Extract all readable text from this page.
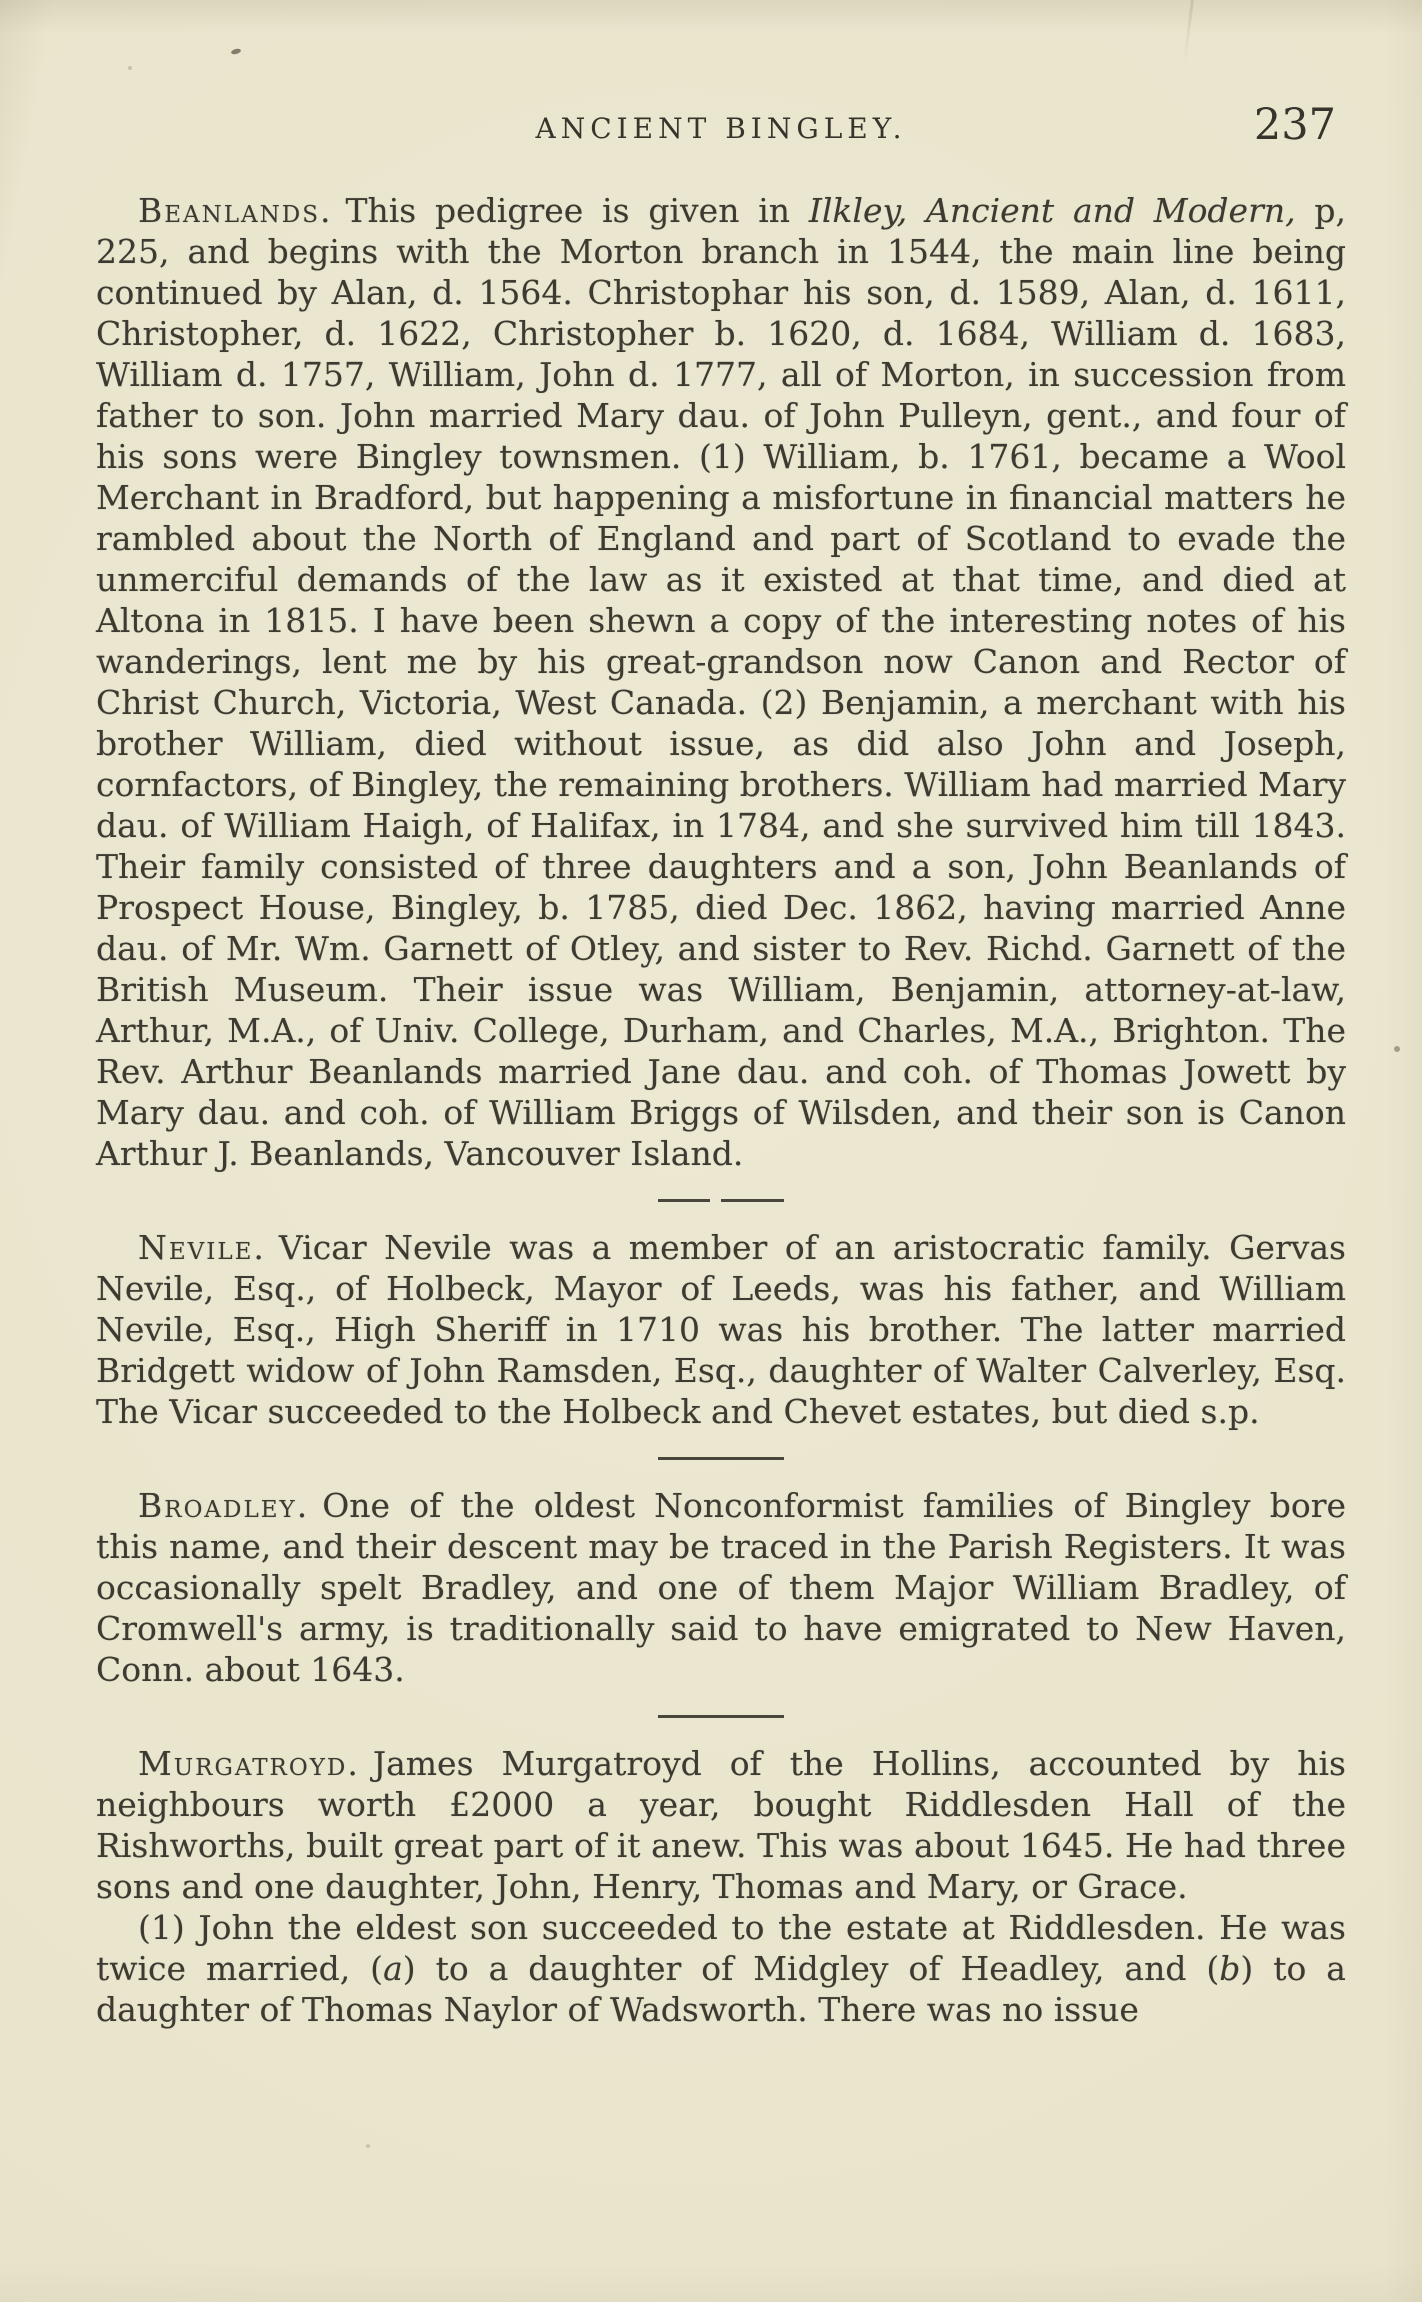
ANCIENT BINGLEY.	237

Beanlands. This pedigree is given in Ilkley, Ancient and Modern, p, 225, and begins with the Morton branch in 1544, the main line being continued by Alan, d. 1564. Christophar his son, d. 1589, Alan, d. 1611, Christopher, d. 1622, Christopher b. 1620, d. 1684, William d. 1683, William d. 1757, William, John d. 1777, all of Morton, in succession from father to son. John married Mary dau. of John Pulleyn, gent., and four of his sons were Bingley townsmen. (1) William, b. 1761, became a Wool Merchant in Bradford, but happening a misfortune in financial matters he rambled about the North of England and part of Scotland to evade the unmerciful demands of the law as it existed at that time, and died at Altona in 1815. I have been shewn a copy of the interesting notes of his wanderings, lent me by his great-grandson now Canon and Rector of Christ Church, Victoria, West Canada. (2) Benjamin, a merchant with his brother William, died without issue, as did also John and Joseph, cornfactors, of Bingley, the remaining brothers. William had married Mary dau. of William Haigh, of Halifax, in 1784, and she survived him till 1843. Their family consisted of three daughters and a son, John Beanlands of Prospect House, Bingley, b. 1785, died Dec. 1862, having married Anne dau. of Mr. Wm. Garnett of Otley, and sister to Rev. Richd. Garnett of the British Museum. Their issue was William, Benjamin, attorney-at-law, Arthur, M.A., of Univ. College, Durham, and Charles, M.A., Brighton. The Rev. Arthur Beanlands married Jane dau. and coh. of Thomas Jowett by Mary dau. and coh. of William Briggs of Wilsden, and their son is Canon Arthur J. Beanlands, Vancouver Island.

Nevile. Vicar Nevile was a member of an aristocratic family. Gervas Nevile, Esq., of Holbeck, Mayor of Leeds, was his father, and William Nevile, Esq., High Sheriff in 1710 was his brother. The latter married Bridgett widow of John Ramsden, Esq., daughter of Walter Calverley, Esq. The Vicar succeeded to the Holbeck and Chevet estates, but died s.p.

Broadley. One of the oldest Nonconformist families of Bingley bore this name, and their descent may be traced in the Parish Registers. It was occasionally spelt Bradley, and one of them Major William Bradley, of Cromwell's army, is traditionally said to have emigrated to New Haven, Conn. about 1643.

Murgatroyd. James Murgatroyd of the Hollins, accounted by his neighbours worth £2000 a year, bought Riddlesden Hall of the Rishworths, built great part of it anew. This was about 1645. He had three sons and one daughter, John, Henry, Thomas and Mary, or Grace.

(1) John the eldest son succeeded to the estate at Riddlesden. He was twice married, (a) to a daughter of Midgley of Headley, and (b) to a daughter of Thomas Naylor of Wadsworth. There was no issue
